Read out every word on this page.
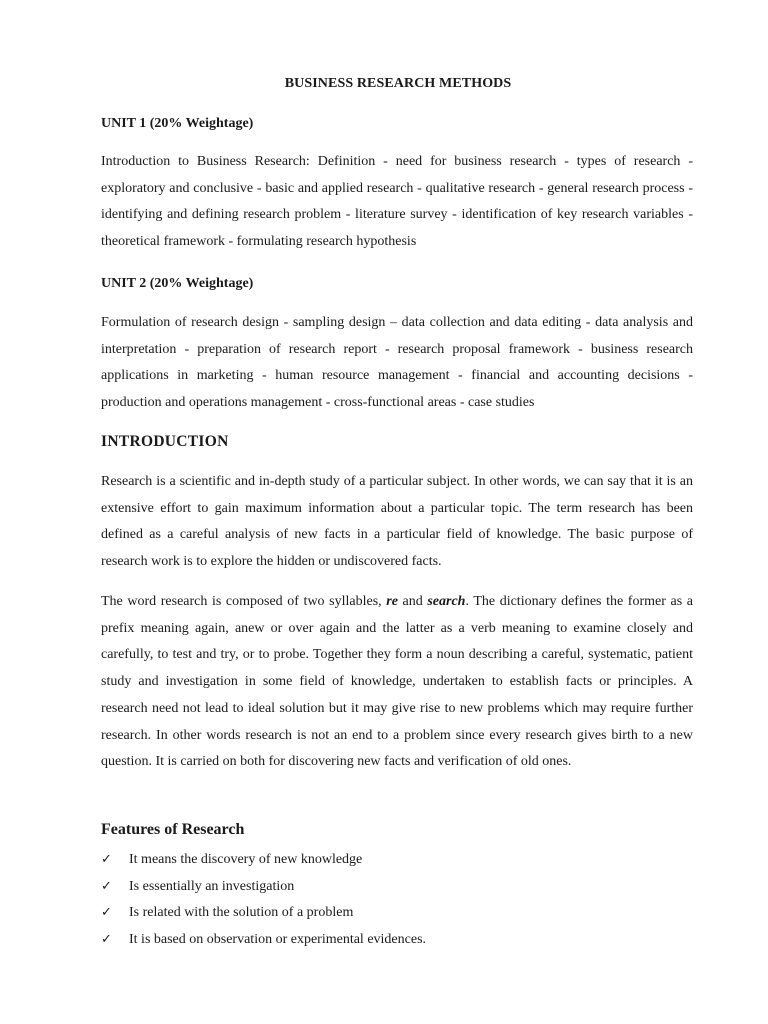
BUSINESS RESEARCH METHODS
UNIT 1 (20% Weightage)
Introduction to Business Research: Definition - need for business research - types of research - exploratory and conclusive - basic and applied research - qualitative research - general research process - identifying and defining research problem - literature survey - identification of key research variables - theoretical framework - formulating research hypothesis
UNIT 2 (20% Weightage)
Formulation of research design - sampling design – data collection and data editing - data analysis and interpretation - preparation of research report - research proposal framework - business research applications in marketing - human resource management - financial and accounting decisions - production and operations management - cross-functional areas - case studies
INTRODUCTION
Research is a scientific and in-depth study of a particular subject. In other words, we can say that it is an extensive effort to gain maximum information about a particular topic. The term research has been defined as a careful analysis of new facts in a particular field of knowledge. The basic purpose of research work is to explore the hidden or undiscovered facts.
The word research is composed of two syllables, re and search. The dictionary defines the former as a prefix meaning again, anew or over again and the latter as a verb meaning to examine closely and carefully, to test and try, or to probe. Together they form a noun describing a careful, systematic, patient study and investigation in some field of knowledge, undertaken to establish facts or principles. A research need not lead to ideal solution but it may give rise to new problems which may require further research. In other words research is not an end to a problem since every research gives birth to a new question. It is carried on both for discovering new facts and verification of old ones.
Features of Research
✓ It means the discovery of new knowledge
✓ Is essentially an investigation
✓ Is related with the solution of a problem
✓ It is based on observation or experimental evidences.
